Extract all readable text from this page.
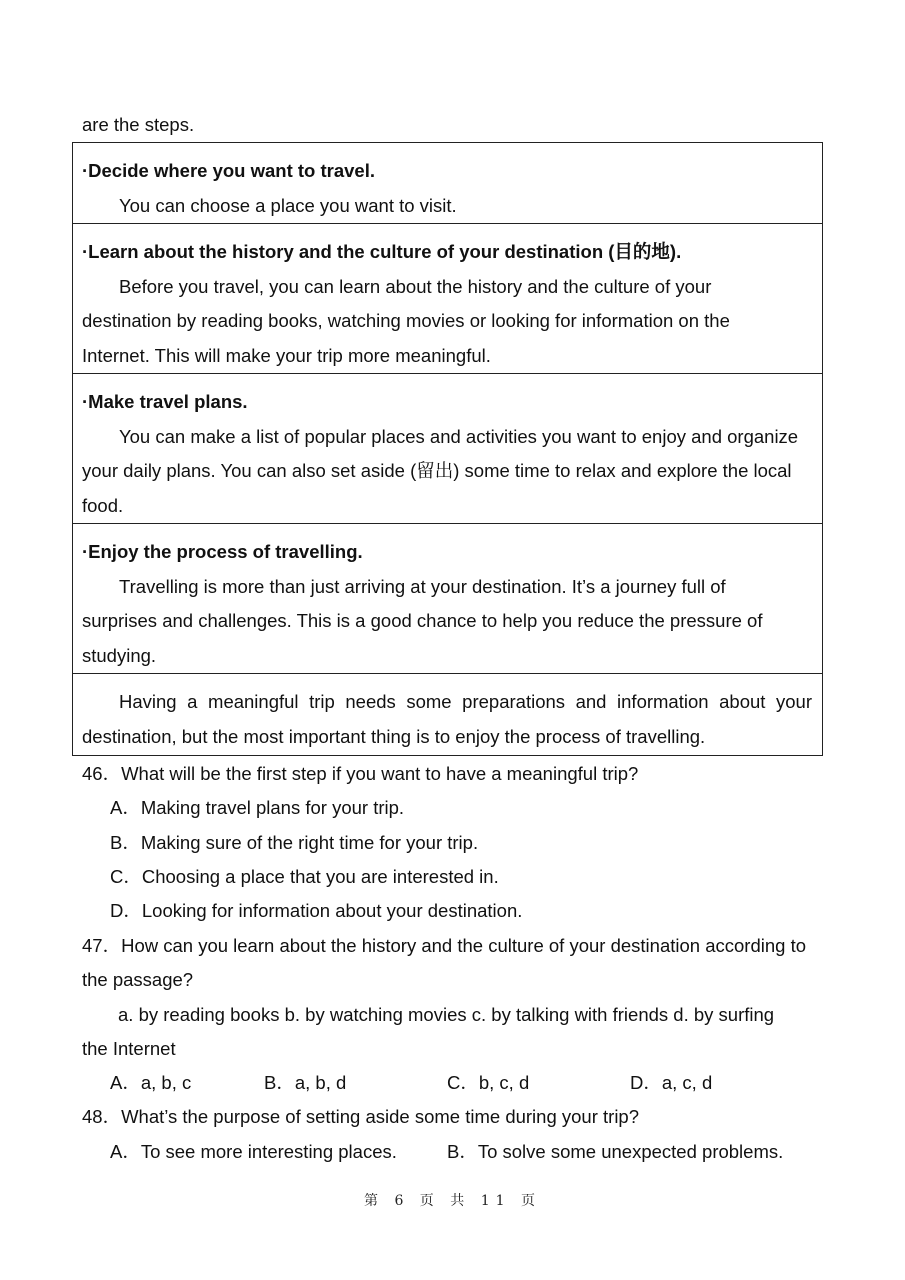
are the steps.
·Decide where you want to travel.
You can choose a place you want to visit.
·Learn about the history and the culture of your destination (目的地).
Before you travel, you can learn about the history and the culture of your
destination by reading books, watching movies or looking for information on the
Internet. This will make your trip more meaningful.
·Make travel plans.
You can make a list of popular places and activities you want to enjoy and organize
your daily plans. You can also set aside (留出) some time to relax and explore the local
food.
·Enjoy the process of travelling.
Travelling is more than just arriving at your destination. It’s a journey full of
surprises and challenges. This is a good chance to help you reduce the pressure of
studying.
Having a meaningful trip needs some preparations and information about your
destination, but the most important thing is to enjoy the process of travelling.
46．What will be the first step if you want to have a meaningful trip?
A．Making travel plans for your trip.
B．Making sure of the right time for your trip.
C．Choosing a place that you are interested in.
D．Looking for information about your destination.
47．How can you learn about the history and the culture of your destination according to
the passage?
a. by reading books b. by watching movies c. by talking with friends d. by surfing
the Internet
A．a, b, c	B．a, b, d	C．b, c, d	D．a, c, d
48．What’s the purpose of setting aside some time during your trip?
A．To see more interesting places.	B．To solve some unexpected problems.
第 6 页 共 11 页
